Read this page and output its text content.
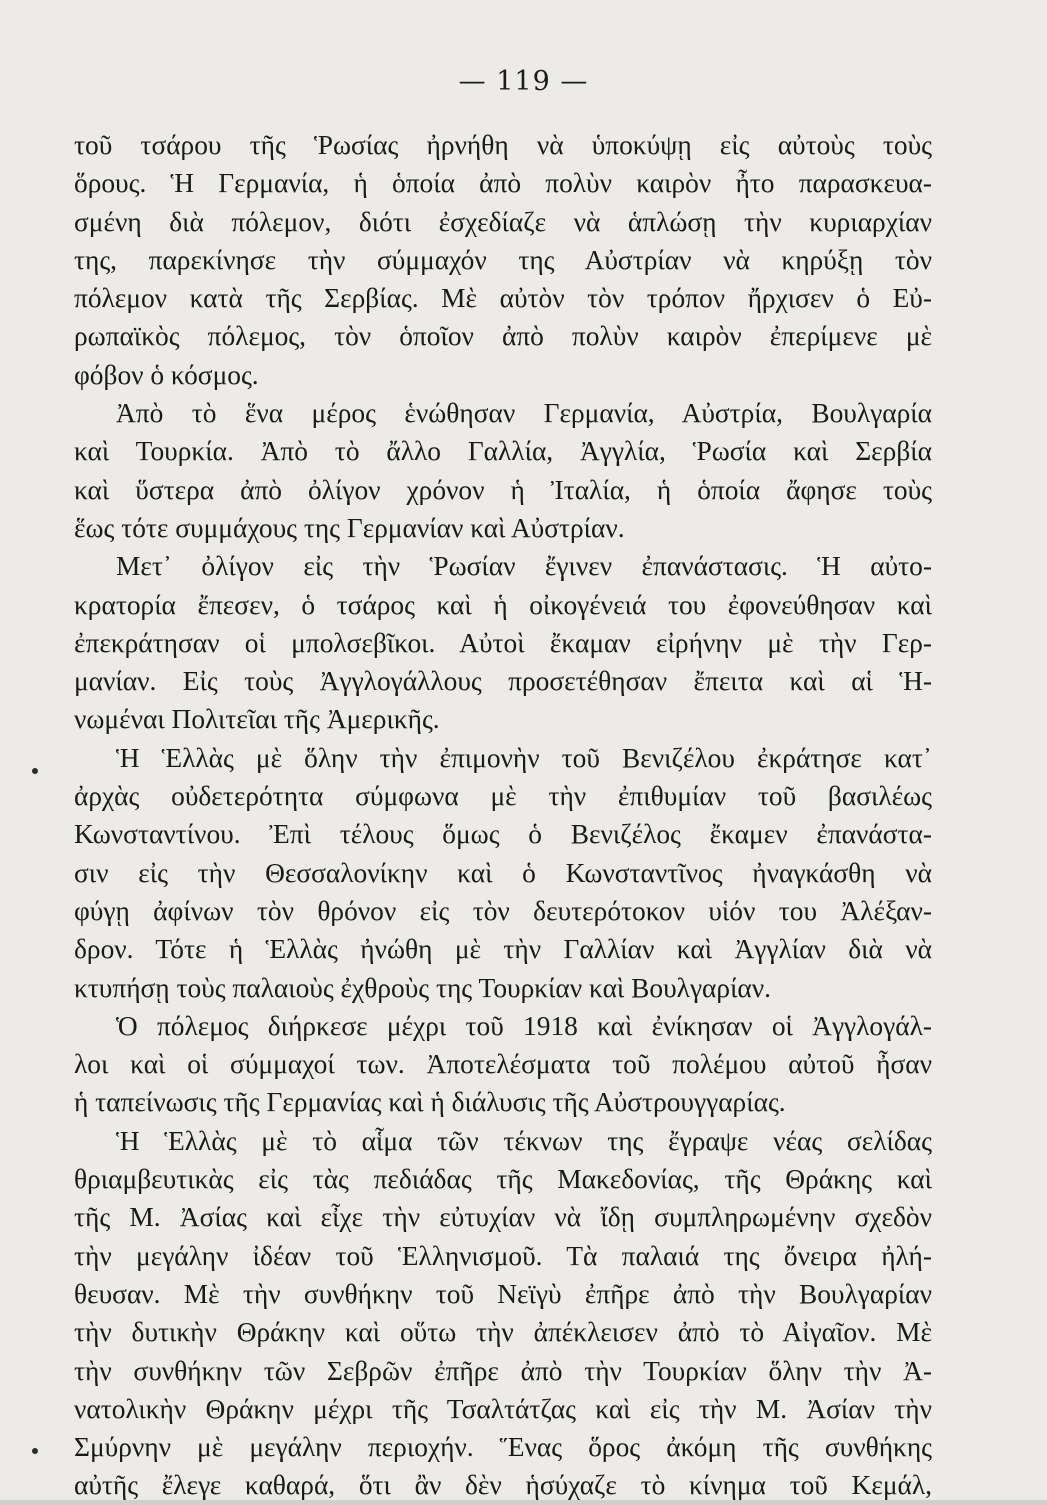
— 119 —
τοῦ τσάρου τῆς Ῥωσίας ἠρνήθη νὰ ὑποκύψῃ εἰς αὐτοὺς τοὺς
ὅρους. Ἡ Γερμανία, ἡ ὁποία ἀπὸ πολὺν καιρὸν ἦτο παρασκευα-
σμένη διὰ πόλεμον, διότι ἐσχεδίαζε νὰ ἁπλώσῃ τὴν κυριαρχίαν
της, παρεκίνησε τὴν σύμμαχόν της Αὐστρίαν νὰ κηρύξῃ τὸν
πόλεμον κατὰ τῆς Σερβίας. Μὲ αὐτὸν τὸν τρόπον ἤρχισεν ὁ Εὐ-
ρωπαϊκὸς πόλεμος, τὸν ὁποῖον ἀπὸ πολὺν καιρὸν ἐπερίμενε μὲ
φόβον ὁ κόσμος.
Ἀπὸ τὸ ἕνα μέρος ἑνώθησαν Γερμανία, Αὐστρία, Βουλγαρία
καὶ Τουρκία. Ἀπὸ τὸ ἄλλο Γαλλία, Ἀγγλία, Ῥωσία καὶ Σερβία
καὶ ὕστερα ἀπὸ ὀλίγον χρόνον ἡ Ἰταλία, ἡ ὁποία ἄφησε τοὺς
ἕως τότε συμμάχους της Γερμανίαν καὶ Αὐστρίαν.
Μετ᾽ ὀλίγον εἰς τὴν Ῥωσίαν ἔγινεν ἐπανάστασις. Ἡ αὐτο-
κρατορία ἔπεσεν, ὁ τσάρος καὶ ἡ οἰκογένειά του ἐφονεύθησαν καὶ
ἐπεκράτησαν οἱ μπολσεβῖκοι. Αὐτοὶ ἔκαμαν εἰρήνην μὲ τὴν Γερ-
μανίαν. Εἰς τοὺς Ἀγγλογάλλους προσετέθησαν ἔπειτα καὶ αἱ Ἡ-
νωμέναι Πολιτεῖαι τῆς Ἀμερικῆς.
Ἡ Ἑλλὰς μὲ ὅλην τὴν ἐπιμονὴν τοῦ Βενιζέλου ἐκράτησε κατ᾽
ἀρχὰς οὐδετερότητα σύμφωνα μὲ τὴν ἐπιθυμίαν τοῦ βασιλέως
Κωνσταντίνου. Ἐπὶ τέλους ὅμως ὁ Βενιζέλος ἔκαμεν ἐπανάστα-
σιν εἰς τὴν Θεσσαλονίκην καὶ ὁ Κωνσταντῖνος ἠναγκάσθη νὰ
φύγῃ ἀφίνων τὸν θρόνον εἰς τὸν δευτερότοκον υἱόν του Ἀλέξαν-
δρον. Τότε ἡ Ἑλλὰς ἠνώθη μὲ τὴν Γαλλίαν καὶ Ἀγγλίαν διὰ νὰ
κτυπήσῃ τοὺς παλαιοὺς ἐχθροὺς της Τουρκίαν καὶ Βουλγαρίαν.
Ὁ πόλεμος διήρκεσε μέχρι τοῦ 1918 καὶ ἐνίκησαν οἱ Ἀγγλογάλ-
λοι καὶ οἱ σύμμαχοί των. Ἀποτελέσματα τοῦ πολέμου αὐτοῦ ἦσαν
ἡ ταπείνωσις τῆς Γερμανίας καὶ ἡ διάλυσις τῆς Αὐστρουγγαρίας.
Ἡ Ἑλλὰς μὲ τὸ αἷμα τῶν τέκνων της ἔγραψε νέας σελίδας
θριαμβευτικὰς εἰς τὰς πεδιάδας τῆς Μακεδονίας, τῆς Θράκης καὶ
τῆς Μ. Ἀσίας καὶ εἶχε τὴν εὐτυχίαν νὰ ἴδῃ συμπληρωμένην σχεδὸν
τὴν μεγάλην ἰδέαν τοῦ Ἑλληνισμοῦ. Τὰ παλαιά της ὄνειρα ἠλή-
θευσαν. Μὲ τὴν συνθήκην τοῦ Νεϊγὺ ἐπῆρε ἀπὸ τὴν Βουλγαρίαν
τὴν δυτικὴν Θράκην καὶ οὕτω τὴν ἀπέκλεισεν ἀπὸ τὸ Αἰγαῖον. Μὲ
τὴν συνθήκην τῶν Σεβρῶν ἐπῆρε ἀπὸ τὴν Τουρκίαν ὅλην τὴν Ἀ-
νατολικὴν Θράκην μέχρι τῆς Τσαλτάτζας καὶ εἰς τὴν Μ. Ἀσίαν τὴν
Σμύρνην μὲ μεγάλην περιοχήν. Ἕνας ὅρος ἀκόμη τῆς συνθήκης
αὐτῆς ἔλεγε καθαρά, ὅτι ἂν δὲν ἡσύχαζε τὸ κίνημα τοῦ Κεμάλ,
